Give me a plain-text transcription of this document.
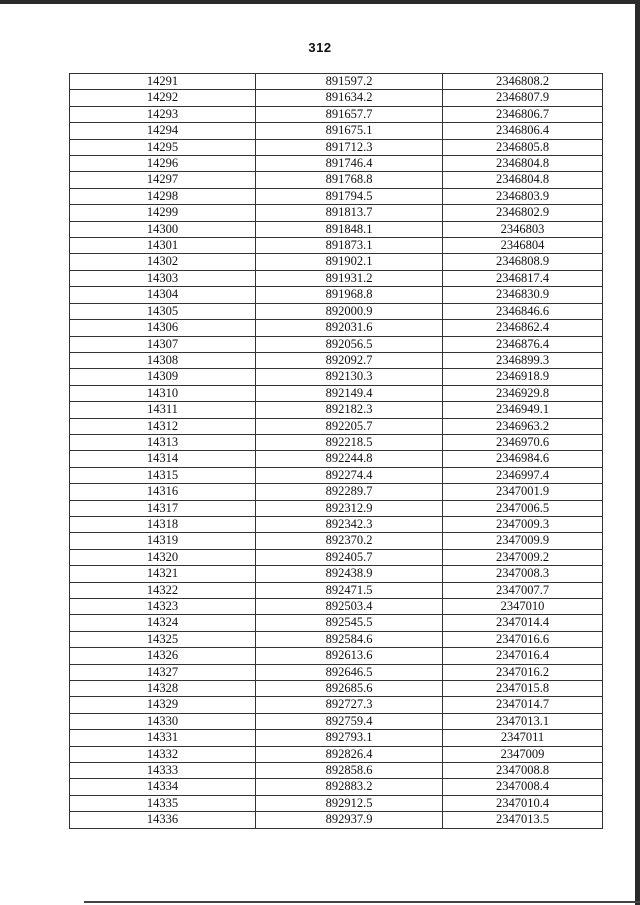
312
14291	891597.2	2346808.2
14292	891634.2	2346807.9
14293	891657.7	2346806.7
14294	891675.1	2346806.4
14295	891712.3	2346805.8
14296	891746.4	2346804.8
14297	891768.8	2346804.8
14298	891794.5	2346803.9
14299	891813.7	2346802.9
14300	891848.1	2346803
14301	891873.1	2346804
14302	891902.1	2346808.9
14303	891931.2	2346817.4
14304	891968.8	2346830.9
14305	892000.9	2346846.6
14306	892031.6	2346862.4
14307	892056.5	2346876.4
14308	892092.7	2346899.3
14309	892130.3	2346918.9
14310	892149.4	2346929.8
14311	892182.3	2346949.1
14312	892205.7	2346963.2
14313	892218.5	2346970.6
14314	892244.8	2346984.6
14315	892274.4	2346997.4
14316	892289.7	2347001.9
14317	892312.9	2347006.5
14318	892342.3	2347009.3
14319	892370.2	2347009.9
14320	892405.7	2347009.2
14321	892438.9	2347008.3
14322	892471.5	2347007.7
14323	892503.4	2347010
14324	892545.5	2347014.4
14325	892584.6	2347016.6
14326	892613.6	2347016.4
14327	892646.5	2347016.2
14328	892685.6	2347015.8
14329	892727.3	2347014.7
14330	892759.4	2347013.1
14331	892793.1	2347011
14332	892826.4	2347009
14333	892858.6	2347008.8
14334	892883.2	2347008.4
14335	892912.5	2347010.4
14336	892937.9	2347013.5
